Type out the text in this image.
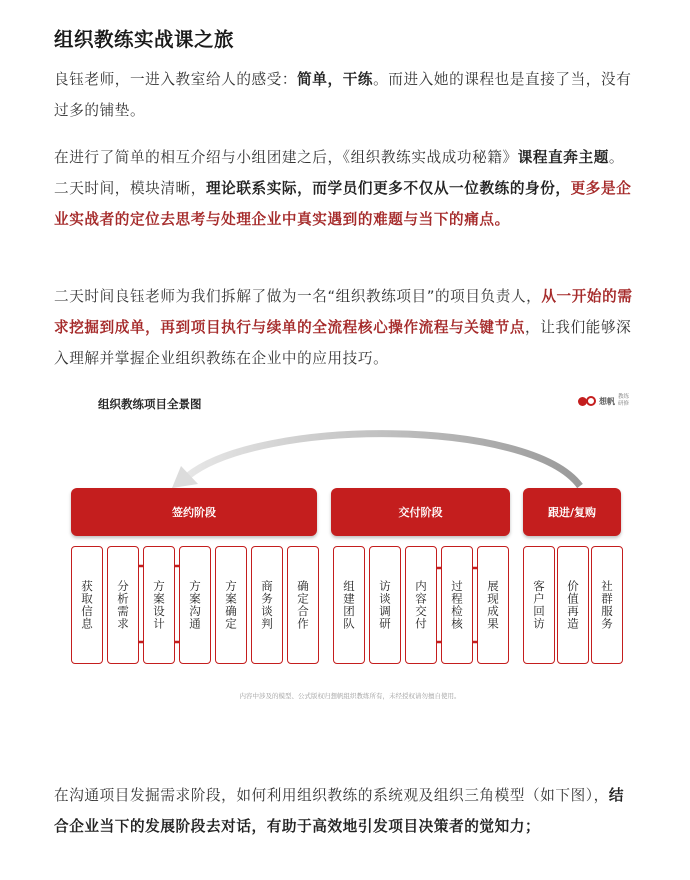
组织教练实战课之旅

良钰老师，一进入教室给人的感受：简单，干练。而进入她的课程也是直接了当，没有过多的铺垫。

在进行了简单的相互介绍与小组团建之后，《组织教练实战成功秘籍》课程直奔主题。二天时间，模块清晰，理论联系实际，而学员们更多不仅从一位教练的身份，更多是企业实战者的定位去思考与处理企业中真实遇到的难题与当下的痛点。

二天时间良钰老师为我们拆解了做为一名“组织教练项目”的项目负责人，从一开始的需求挖掘到成单，再到项目执行与续单的全流程核心操作流程与关键节点，让我们能够深入理解并掌握企业组织教练在企业中的应用技巧。

组织教练项目全景图	想帆 教练 研修
签约阶段	交付阶段	跟进/复购
获取信息 分析需求 方案设计 方案沟通 方案确定 商务谈判 确定合作	组建团队 访谈调研 内容交付 过程检核 展现成果	客户回访 价值再造 社群服务
内容中涉及的模型、公式版权归想帆组织教练所有，未经授权请勿擅自使用。

在沟通项目发掘需求阶段，如何利用组织教练的系统观及组织三角模型（如下图），结合企业当下的发展阶段去对话，有助于高效地引发项目决策者的觉知力；
